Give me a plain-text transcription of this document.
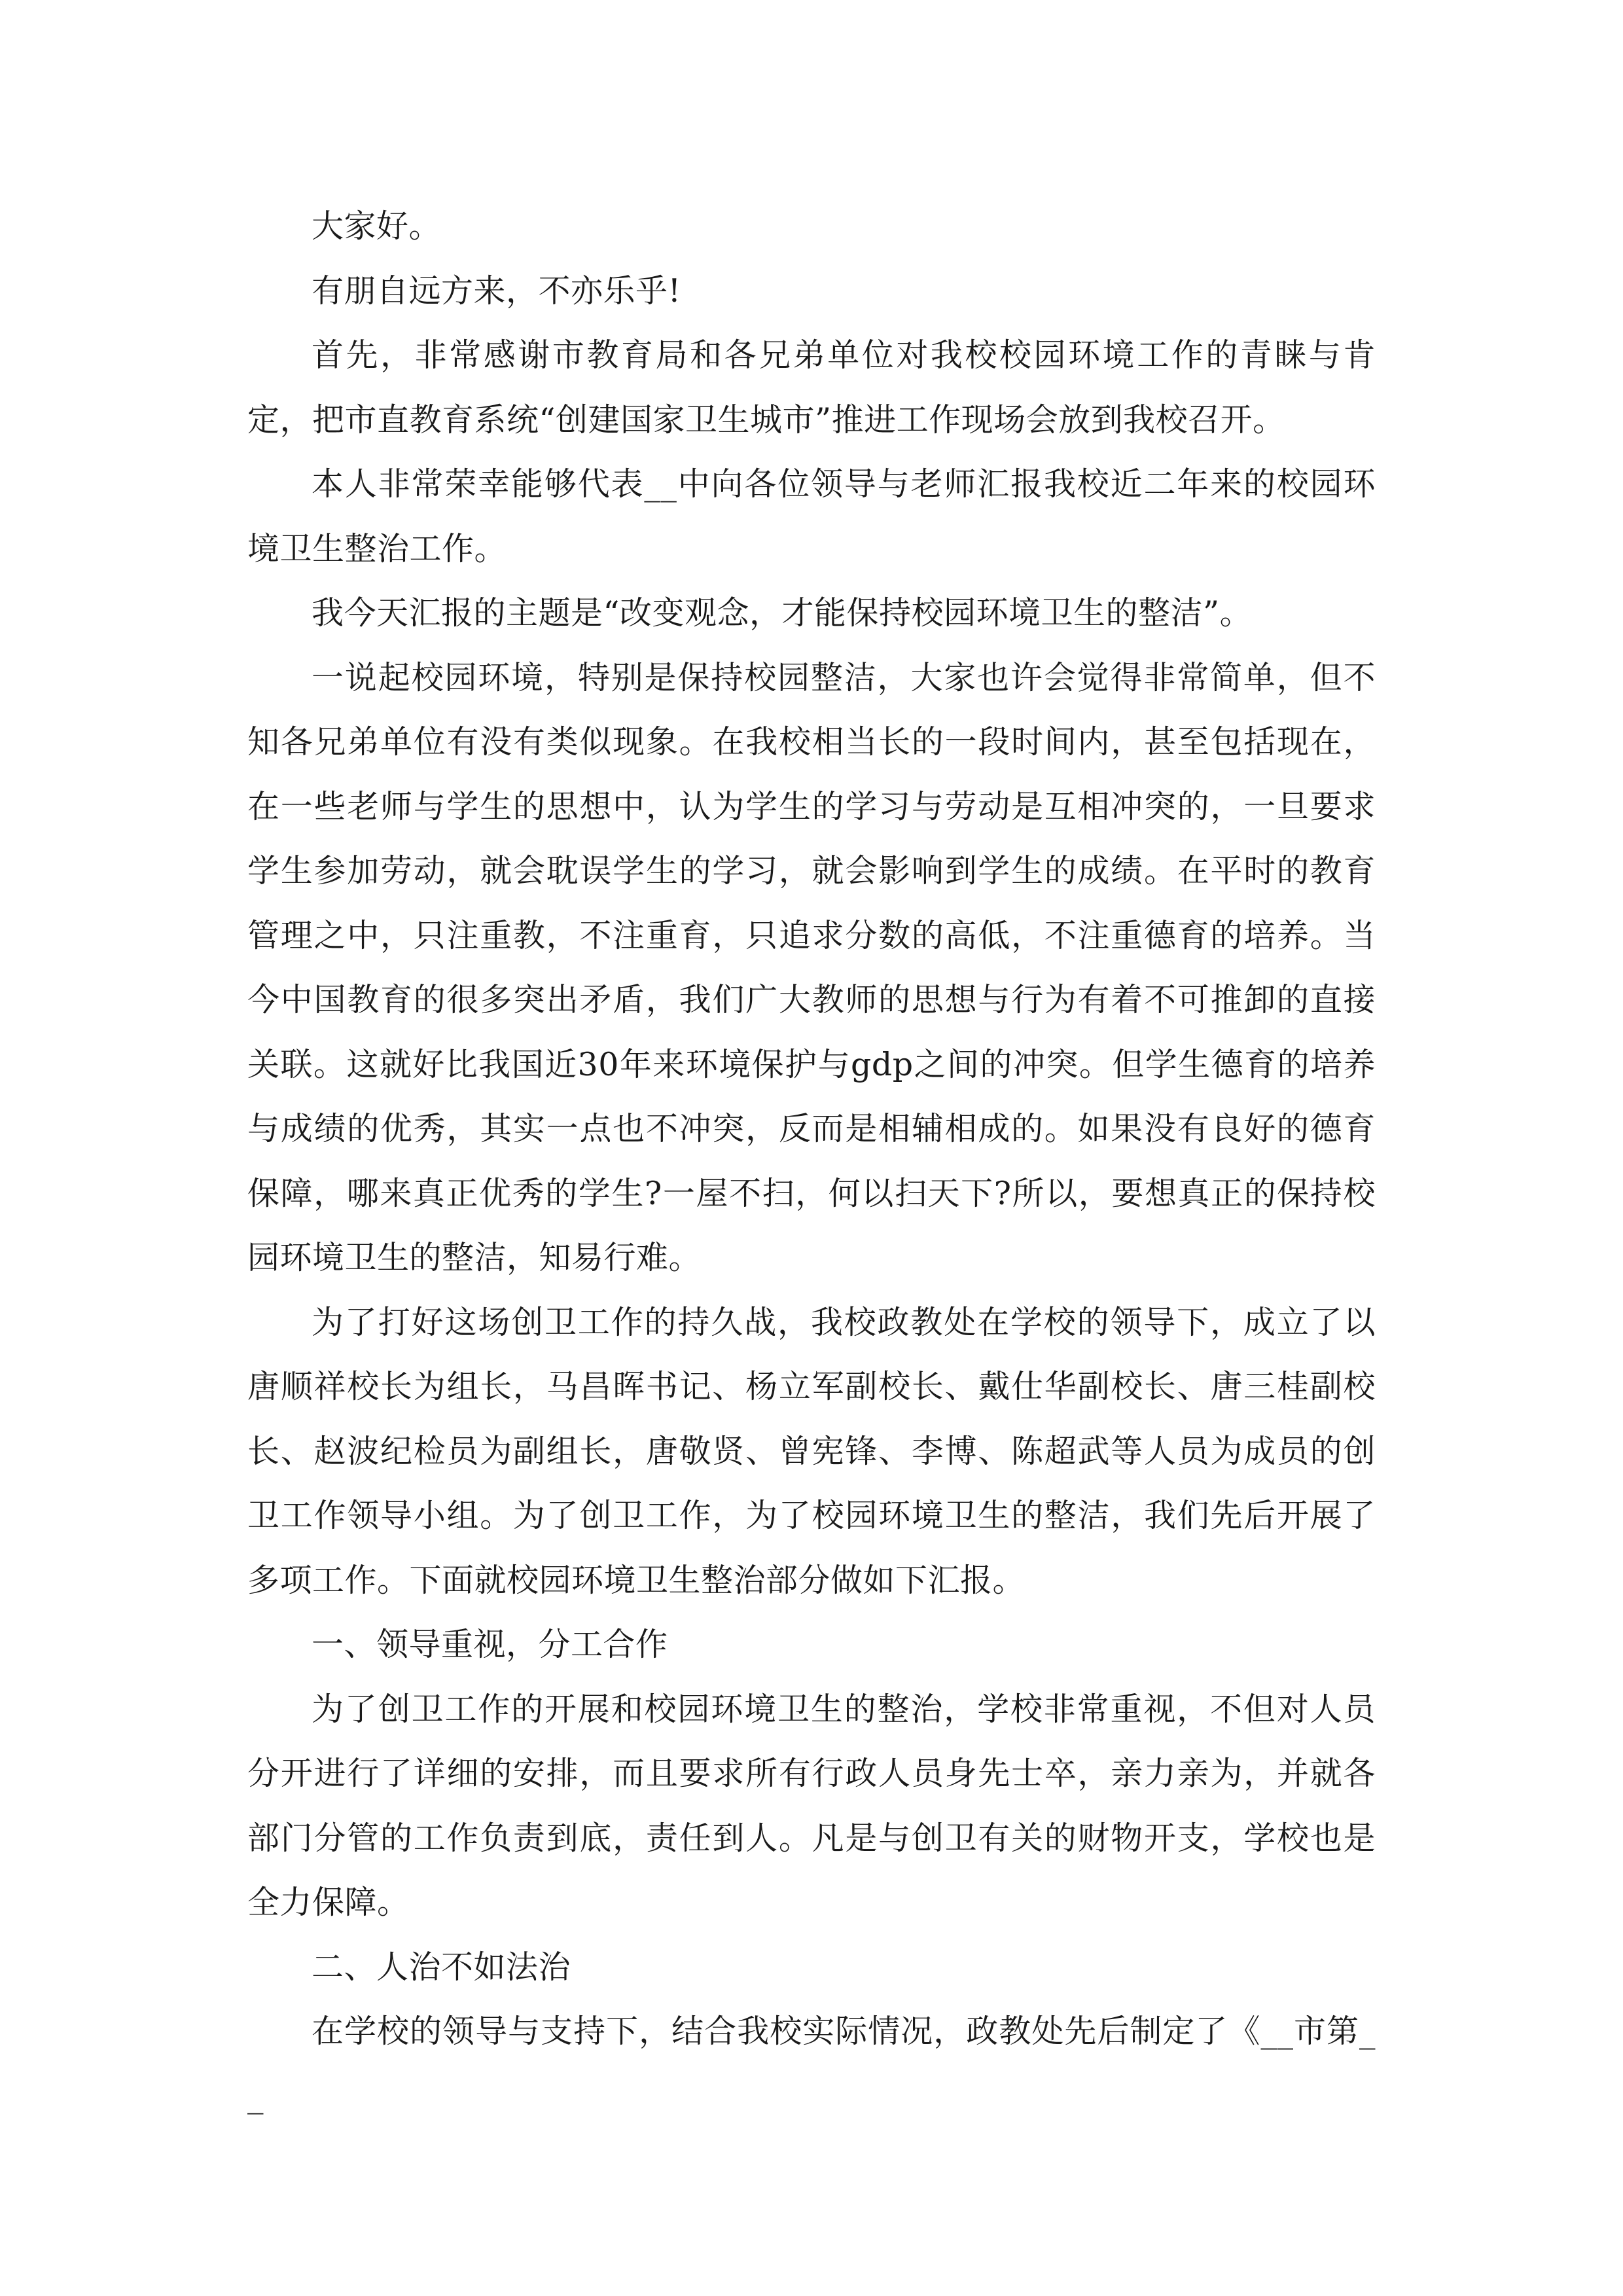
大家好。

有朋自远方来，不亦乐乎!

首先，非常感谢市教育局和各兄弟单位对我校校园环境工作的青睐与肯定，把市直教育系统“创建国家卫生城市”推进工作现场会放到我校召开。

本人非常荣幸能够代表__中向各位领导与老师汇报我校近二年来的校园环境卫生整治工作。

我今天汇报的主题是“改变观念，才能保持校园环境卫生的整洁”。

一说起校园环境，特别是保持校园整洁，大家也许会觉得非常简单，但不知各兄弟单位有没有类似现象。在我校相当长的一段时间内，甚至包括现在，在一些老师与学生的思想中，认为学生的学习与劳动是互相冲突的，一旦要求学生参加劳动，就会耽误学生的学习，就会影响到学生的成绩。在平时的教育管理之中，只注重教，不注重育，只追求分数的高低，不注重德育的培养。当今中国教育的很多突出矛盾，我们广大教师的思想与行为有着不可推卸的直接关联。这就好比我国近30年来环境保护与gdp之间的冲突。但学生德育的培养与成绩的优秀，其实一点也不冲突，反而是相辅相成的。如果没有良好的德育保障，哪来真正优秀的学生?一屋不扫，何以扫天下?所以，要想真正的保持校园环境卫生的整洁，知易行难。

为了打好这场创卫工作的持久战，我校政教处在学校的领导下，成立了以唐顺祥校长为组长，马昌晖书记、杨立军副校长、戴仕华副校长、唐三桂副校长、赵波纪检员为副组长，唐敬贤、曾宪锋、李博、陈超武等人员为成员的创卫工作领导小组。为了创卫工作，为了校园环境卫生的整洁，我们先后开展了多项工作。下面就校园环境卫生整治部分做如下汇报。

一、领导重视，分工合作

为了创卫工作的开展和校园环境卫生的整治，学校非常重视，不但对人员分开进行了详细的安排，而且要求所有行政人员身先士卒，亲力亲为，并就各部门分管的工作负责到底，责任到人。凡是与创卫有关的财物开支，学校也是全力保障。

二、人治不如法治

在学校的领导与支持下，结合我校实际情况，政教处先后制定了《__市第__
